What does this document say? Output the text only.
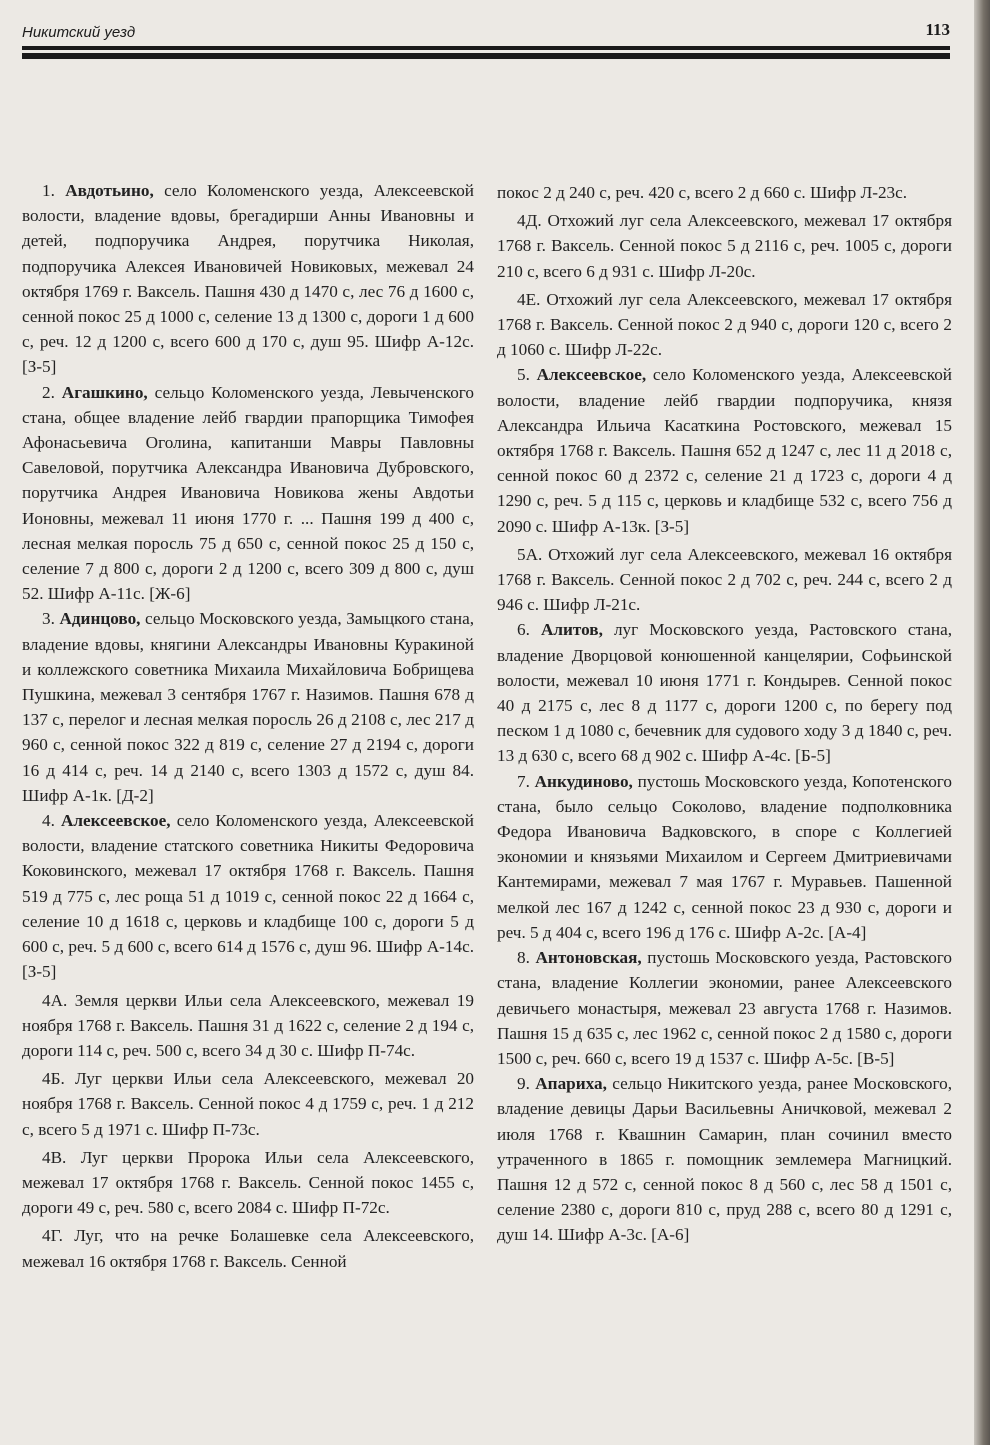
Никитский уезд	113

1. Авдотьино, село Коломенского уезда, Алексеевской волости, владение вдовы, брегадирши Анны Ивановны и детей, подпоручика Андрея, порутчика Николая, подпоручика Алексея Ивановичей Новиковых, межевал 24 октября 1769 г. Ваксель. Пашня 430 д 1470 с, лес 76 д 1600 с, сенной покос 25 д 1000 с, селение 13 д 1300 с, дороги 1 д 600 с, реч. 12 д 1200 с, всего 600 д 170 с, душ 95. Шифр А-12с. [З-5]

2. Агашкино, сельцо Коломенского уезда, Левыченского стана, общее владение лейб гвардии прапорщика Тимофея Афонасьевича Оголина, капитанши Мавры Павловны Савеловой, порутчика Александра Ивановича Дубровского, порутчика Андрея Ивановича Новикова жены Авдотьи Ионовны, межевал 11 июня 1770 г. ... Пашня 199 д 400 с, лесная мелкая поросль 75 д 650 с, сенной покос 25 д 150 с, селение 7 д 800 с, дороги 2 д 1200 с, всего 309 д 800 с, душ 52. Шифр А-11с. [Ж-6]

3. Адинцово, сельцо Московского уезда, Замыцкого стана, владение вдовы, княгини Александры Ивановны Куракиной и коллежского советника Михаила Михайловича Бобрищева Пушкина, межевал 3 сентября 1767 г. Назимов. Пашня 678 д 137 с, перелог и лесная мелкая поросль 26 д 2108 с, лес 217 д 960 с, сенной покос 322 д 819 с, селение 27 д 2194 с, дороги 16 д 414 с, реч. 14 д 2140 с, всего 1303 д 1572 с, душ 84. Шифр А-1к. [Д-2]

4. Алексеевское, село Коломенского уезда, Алексеевской волости, владение статского советника Никиты Федоровича Коковинского, межевал 17 октября 1768 г. Ваксель. Пашня 519 д 775 с, лес роща 51 д 1019 с, сенной покос 22 д 1664 с, селение 10 д 1618 с, церковь и кладбище 100 с, дороги 5 д 600 с, реч. 5 д 600 с, всего 614 д 1576 с, душ 96. Шифр А-14с. [З-5]

4А. Земля церкви Ильи села Алексеевского, межевал 19 ноября 1768 г. Ваксель. Пашня 31 д 1622 с, селение 2 д 194 с, дороги 114 с, реч. 500 с, всего 34 д 30 с. Шифр П-74с.

4Б. Луг церкви Ильи села Алексеевского, межевал 20 ноября 1768 г. Ваксель. Сенной покос 4 д 1759 с, реч. 1 д 212 с, всего 5 д 1971 с. Шифр П-73с.

4В. Луг церкви Пророка Ильи села Алексеевского, межевал 17 октября 1768 г. Ваксель. Сенной покос 1455 с, дороги 49 с, реч. 580 с, всего 2084 с. Шифр П-72с.

4Г. Луг, что на речке Болашевке села Алексеевского, межевал 16 октября 1768 г. Ваксель. Сенной

покос 2 д 240 с, реч. 420 с, всего 2 д 660 с. Шифр Л-23с.

4Д. Отхожий луг села Алексеевского, межевал 17 октября 1768 г. Ваксель. Сенной покос 5 д 2116 с, реч. 1005 с, дороги 210 с, всего 6 д 931 с. Шифр Л-20с.

4Е. Отхожий луг села Алексеевского, межевал 17 октября 1768 г. Ваксель. Сенной покос 2 д 940 с, дороги 120 с, всего 2 д 1060 с. Шифр Л-22с.

5. Алексеевское, село Коломенского уезда, Алексеевской волости, владение лейб гвардии подпоручика, князя Александра Ильича Касаткина Ростовского, межевал 15 октября 1768 г. Ваксель. Пашня 652 д 1247 с, лес 11 д 2018 с, сенной покос 60 д 2372 с, селение 21 д 1723 с, дороги 4 д 1290 с, реч. 5 д 115 с, церковь и кладбище 532 с, всего 756 д 2090 с. Шифр А-13к. [З-5]

5А. Отхожий луг села Алексеевского, межевал 16 октября 1768 г. Ваксель. Сенной покос 2 д 702 с, реч. 244 с, всего 2 д 946 с. Шифр Л-21с.

6. Алитов, луг Московского уезда, Растовского стана, владение Дворцовой конюшенной канцелярии, Софьинской волости, межевал 10 июня 1771 г. Кондырев. Сенной покос 40 д 2175 с, лес 8 д 1177 с, дороги 1200 с, по берегу под песком 1 д 1080 с, бечевник для судового ходу 3 д 1840 с, реч. 13 д 630 с, всего 68 д 902 с. Шифр А-4с. [Б-5]

7. Анкудиново, пустошь Московского уезда, Копотенского стана, было сельцо Соколово, владение подполковника Федора Ивановича Вадковского, в споре с Коллегией экономии и князьями Михаилом и Сергеем Дмитриевичами Кантемирами, межевал 7 мая 1767 г. Муравьев. Пашенной мелкой лес 167 д 1242 с, сенной покос 23 д 930 с, дороги и реч. 5 д 404 с, всего 196 д 176 с. Шифр А-2с. [А-4]

8. Антоновская, пустошь Московского уезда, Растовского стана, владение Коллегии экономии, ранее Алексеевского девичьего монастыря, межевал 23 августа 1768 г. Назимов. Пашня 15 д 635 с, лес 1962 с, сенной покос 2 д 1580 с, дороги 1500 с, реч. 660 с, всего 19 д 1537 с. Шифр А-5с. [В-5]

9. Апариха, сельцо Никитского уезда, ранее Московского, владение девицы Дарьи Васильевны Аничковой, межевал 2 июля 1768 г. Квашнин Самарин, план сочинил вместо утраченного в 1865 г. помощник землемера Магницкий. Пашня 12 д 572 с, сенной покос 8 д 560 с, лес 58 д 1501 с, селение 2380 с, дороги 810 с, пруд 288 с, всего 80 д 1291 с, душ 14. Шифр А-3с. [А-6]
